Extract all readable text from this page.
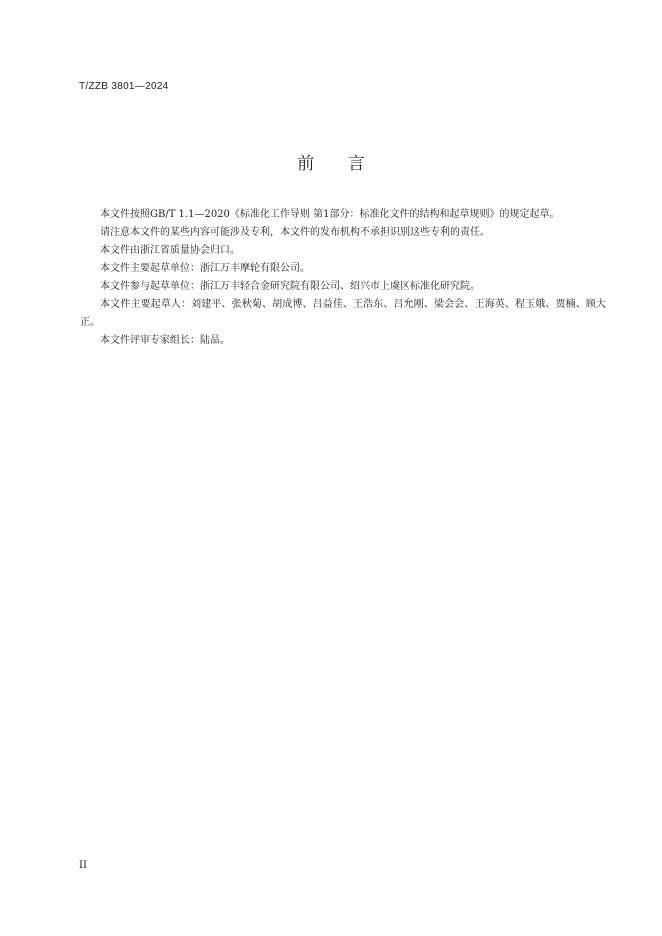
T/ZZB 3801—2024
前 言

本文件按照GB/T 1.1—2020《标准化工作导则 第1部分：标准化文件的结构和起草规则》的规定起草。

请注意本文件的某些内容可能涉及专利，本文件的发布机构不承担识别这些专利的责任。

本文件由浙江省质量协会归口。

本文件主要起草单位：浙江万丰摩轮有限公司。

本文件参与起草单位：浙江万丰轻合金研究院有限公司、绍兴市上虞区标准化研究院。

本文件主要起草人：刘建平、张秋菊、胡成博、吕益佳、王浩东、吕允刚、梁会会、王海英、程玉娥、贾楠、顾大正。

本文件评审专家组长：陆品。

II
